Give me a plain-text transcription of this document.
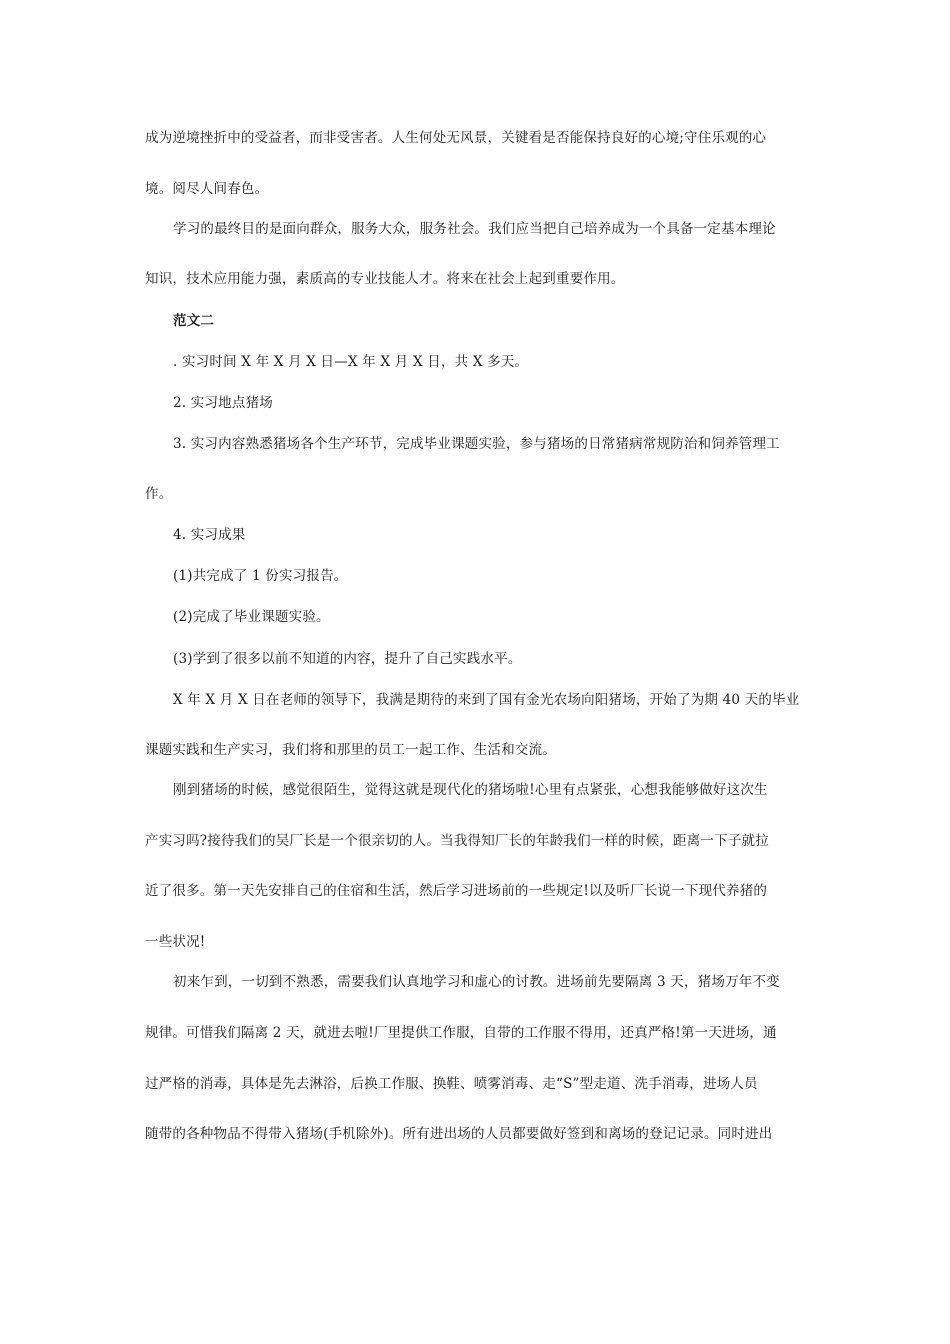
成为逆境挫折中的受益者，而非受害者。人生何处无风景，关键看是否能保持良好的心境;守住乐观的心
境。阅尽人间春色。
学习的最终目的是面向群众，服务大众，服务社会。我们应当把自己培养成为一个具备一定基本理论
知识，技术应用能力强，素质高的专业技能人才。将来在社会上起到重要作用。
范文二
. 实习时间 X 年 X 月 X 日—X 年 X 月 X 日，共 X 多天。
2. 实习地点猪场
3. 实习内容熟悉猪场各个生产环节，完成毕业课题实验，参与猪场的日常猪病常规防治和饲养管理工
作。
4. 实习成果
(1)共完成了 1 份实习报告。
(2)完成了毕业课题实验。
(3)学到了很多以前不知道的内容，提升了自己实践水平。
X 年 X 月 X 日在老师的领导下，我满是期待的来到了国有金光农场向阳猪场，开始了为期 40 天的毕业
课题实践和生产实习，我们将和那里的员工一起工作、生活和交流。
刚到猪场的时候，感觉很陌生，觉得这就是现代化的猪场啦!心里有点紧张，心想我能够做好这次生
产实习吗?接待我们的吴厂长是一个很亲切的人。当我得知厂长的年龄我们一样的时候，距离一下子就拉
近了很多。第一天先安排自己的住宿和生活，然后学习进场前的一些规定!以及听厂长说一下现代养猪的
一些状况!
初来乍到，一切到不熟悉，需要我们认真地学习和虚心的讨教。进场前先要隔离 3 天，猪场万年不变
规律。可惜我们隔离 2 天，就进去啦!厂里提供工作服，自带的工作服不得用，还真严格!第一天进场，通
过严格的消毒，具体是先去淋浴，后换工作服、换鞋、喷雾消毒、走“S”型走道、洗手消毒，进场人员
随带的各种物品不得带入猪场(手机除外)。所有进出场的人员都要做好签到和离场的登记记录。同时进出
